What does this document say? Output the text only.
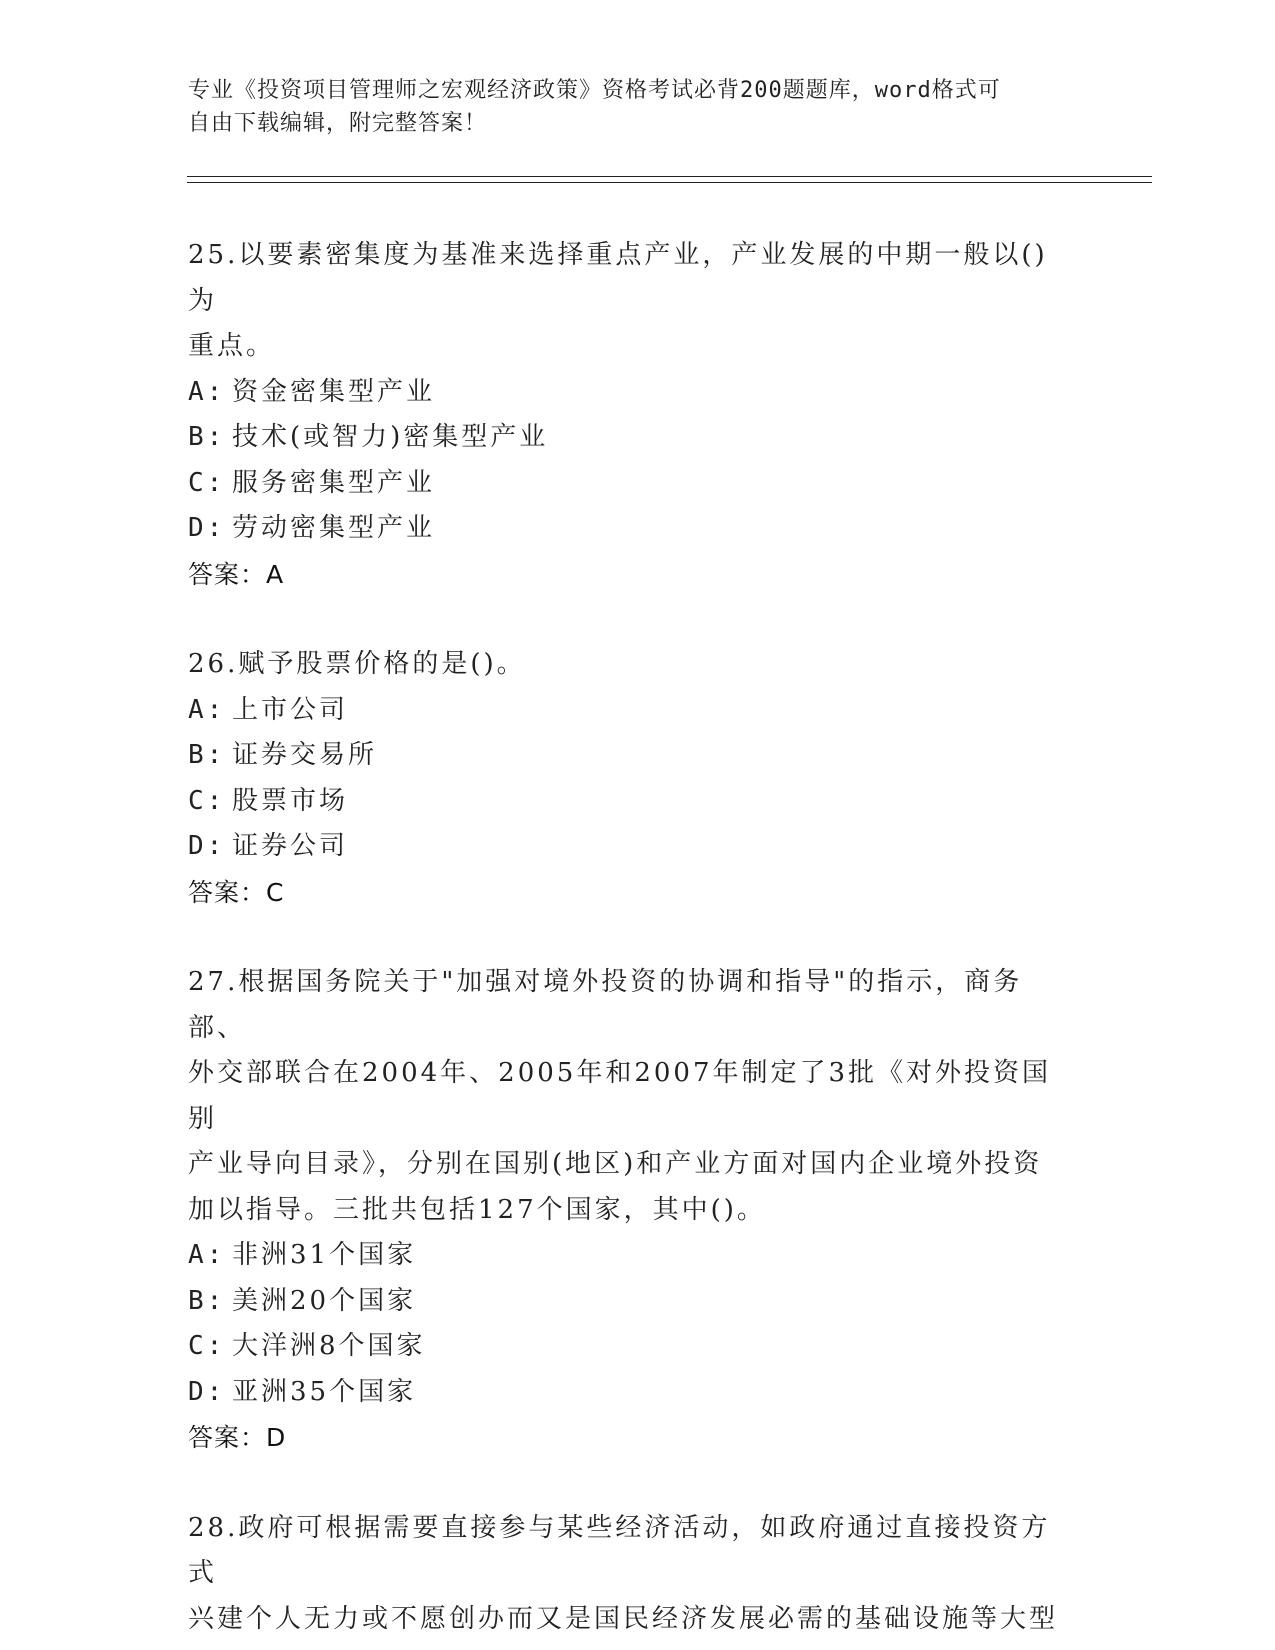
专业《投资项目管理师之宏观经济政策》资格考试必背200题题库，word格式可
自由下载编辑，附完整答案！

25.以要素密集度为基准来选择重点产业，产业发展的中期一般以()为
重点。

A: 资金密集型产业

B: 技术(或智力)密集型产业

C: 服务密集型产业

D: 劳动密集型产业

答案：A

26.赋予股票价格的是()。

A: 上市公司

B: 证券交易所

C: 股票市场

D: 证券公司

答案：C

27.根据国务院关于"加强对境外投资的协调和指导"的指示，商务部、
外交部联合在2004年、2005年和2007年制定了3批《对外投资国别
产业导向目录》，分别在国别(地区)和产业方面对国内企业境外投资
加以指导。三批共包括127个国家，其中()。

A: 非洲31个国家

B: 美洲20个国家

C: 大洋洲8个国家

D: 亚洲35个国家

答案：D

28.政府可根据需要直接参与某些经济活动，如政府通过直接投资方式
兴建个人无力或不愿创办而又是国民经济发展必需的基础设施等大型
